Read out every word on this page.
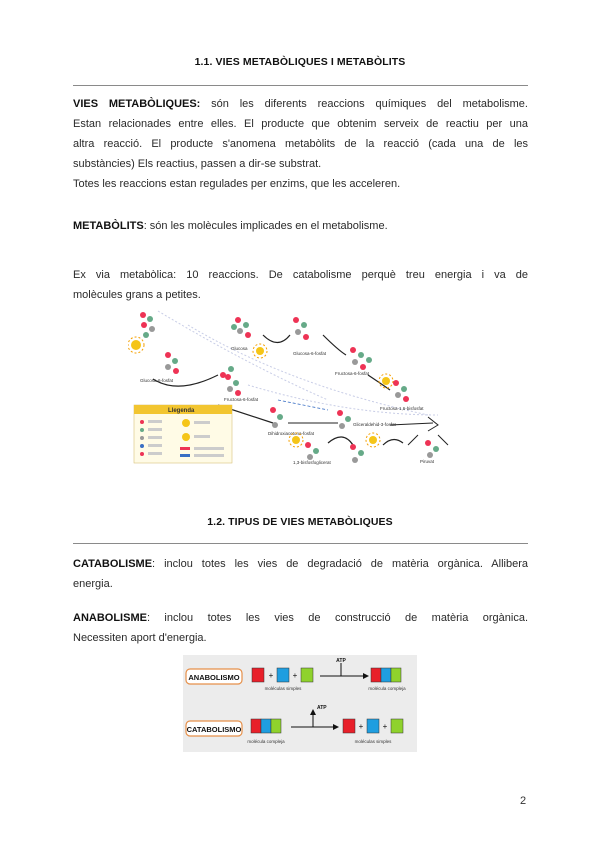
1.1. VIES METABÒLIQUES I METABÒLITS
VIES METABÒLIQUES: són les diferents reaccions químiques del metabolisme.
Estan relacionades entre elles. El producte que obtenim serveix de reactiu per una
altra reacció. El producte s'anomena metabòlits de la reacció (cada una de les
substàncies) Els reactius, passen a dir-se substrat.
Totes les reaccions estan regulades per enzims, que les acceleren.
METABÒLITS: són les molècules implicades en el metabolisme.
Ex via metabòlica: 10 reaccions. De catabolisme perquè treu energia i va de
molècules grans a petites.
Glucosa-6-fosfat
Fructosa-6-fosfat
Glucosa
Glucosa-6-fosfat
Fructosa-6-fosfat
Fructosa-1,6-bisfosfat
Llegenda
Dihidroxiacetona-fosfat
Gliceraldehid-3-fosfat
1,3-bisfosfoglicerat	Piruvat
1.2. TIPUS DE VIES METABÒLIQUES
CATABOLISME: inclou totes les vies de degradació de matèria orgànica. Allibera
energia.
ANABOLISME: inclou totes les vies de construcció de matèria orgànica.
Necessiten aport d'energia.
ANABOLISMO	+ +
moléculas simples
ATP
molécula compleja
CATABOLISMO
molécula compleja
ATP
+ +
moléculas simples
2
